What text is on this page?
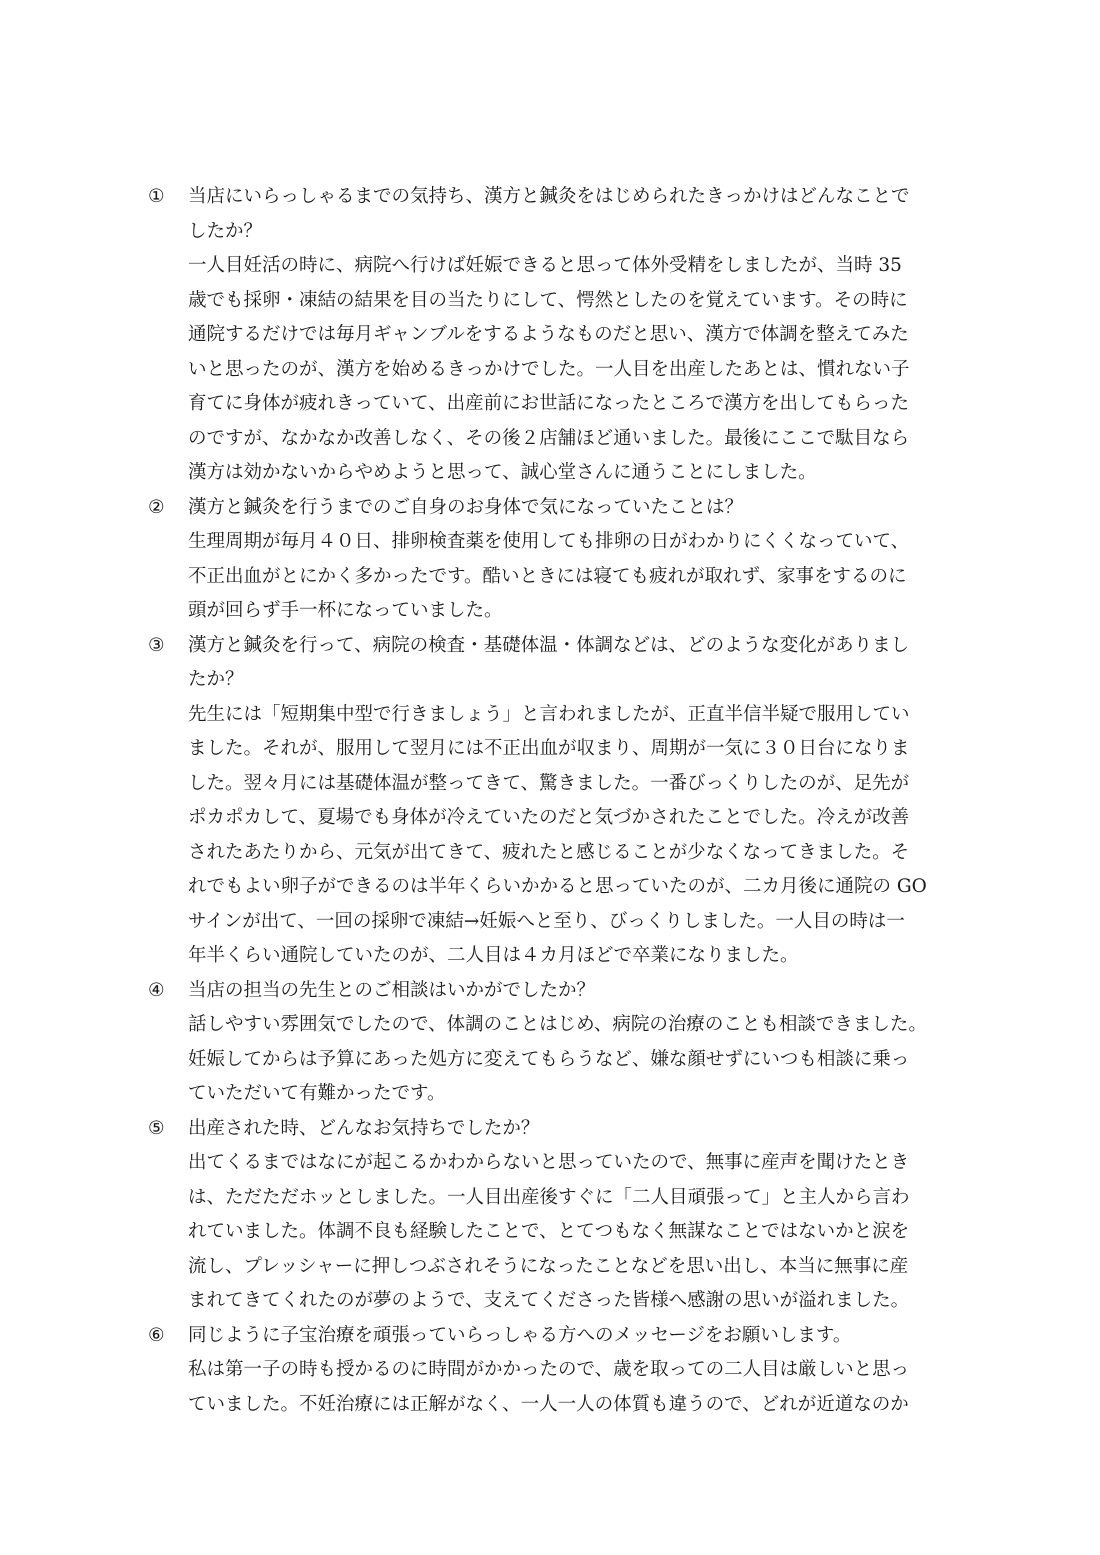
①	当店にいらっしゃるまでの気持ち、漢方と鍼灸をはじめられたきっかけはどんなことで
したか？
一人目妊活の時に、病院へ行けば妊娠できると思って体外受精をしましたが、当時 35
歳でも採卵・凍結の結果を目の当たりにして、愕然としたのを覚えています。その時に
通院するだけでは毎月ギャンブルをするようなものだと思い、漢方で体調を整えてみた
いと思ったのが、漢方を始めるきっかけでした。一人目を出産したあとは、慣れない子
育てに身体が疲れきっていて、出産前にお世話になったところで漢方を出してもらった
のですが、なかなか改善しなく、その後２店舗ほど通いました。最後にここで駄目なら
漢方は効かないからやめようと思って、誠心堂さんに通うことにしました。
②	漢方と鍼灸を行うまでのご自身のお身体で気になっていたことは？
生理周期が毎月４０日、排卵検査薬を使用しても排卵の日がわかりにくくなっていて、
不正出血がとにかく多かったです。酷いときには寝ても疲れが取れず、家事をするのに
頭が回らず手一杯になっていました。
③	漢方と鍼灸を行って、病院の検査・基礎体温・体調などは、どのような変化がありまし
たか？
先生には「短期集中型で行きましょう」と言われましたが、正直半信半疑で服用してい
ました。それが、服用して翌月には不正出血が収まり、周期が一気に３０日台になりま
した。翌々月には基礎体温が整ってきて、驚きました。一番びっくりしたのが、足先が
ポカポカして、夏場でも身体が冷えていたのだと気づかされたことでした。冷えが改善
されたあたりから、元気が出てきて、疲れたと感じることが少なくなってきました。そ
れでもよい卵子ができるのは半年くらいかかると思っていたのが、二カ月後に通院の GO
サインが出て、一回の採卵で凍結→妊娠へと至り、びっくりしました。一人目の時は一
年半くらい通院していたのが、二人目は４カ月ほどで卒業になりました。
④	当店の担当の先生とのご相談はいかがでしたか？
話しやすい雰囲気でしたので、体調のことはじめ、病院の治療のことも相談できました。
妊娠してからは予算にあった処方に変えてもらうなど、嫌な顔せずにいつも相談に乗っ
ていただいて有難かったです。
⑤	出産された時、どんなお気持ちでしたか？
出てくるまではなにが起こるかわからないと思っていたので、無事に産声を聞けたとき
は、ただただホッとしました。一人目出産後すぐに「二人目頑張って」と主人から言わ
れていました。体調不良も経験したことで、とてつもなく無謀なことではないかと涙を
流し、プレッシャーに押しつぶされそうになったことなどを思い出し、本当に無事に産
まれてきてくれたのが夢のようで、支えてくださった皆様へ感謝の思いが溢れました。
⑥	同じように子宝治療を頑張っていらっしゃる方へのメッセージをお願いします。
私は第一子の時も授かるのに時間がかかったので、歳を取っての二人目は厳しいと思っ
ていました。不妊治療には正解がなく、一人一人の体質も違うので、どれが近道なのか
